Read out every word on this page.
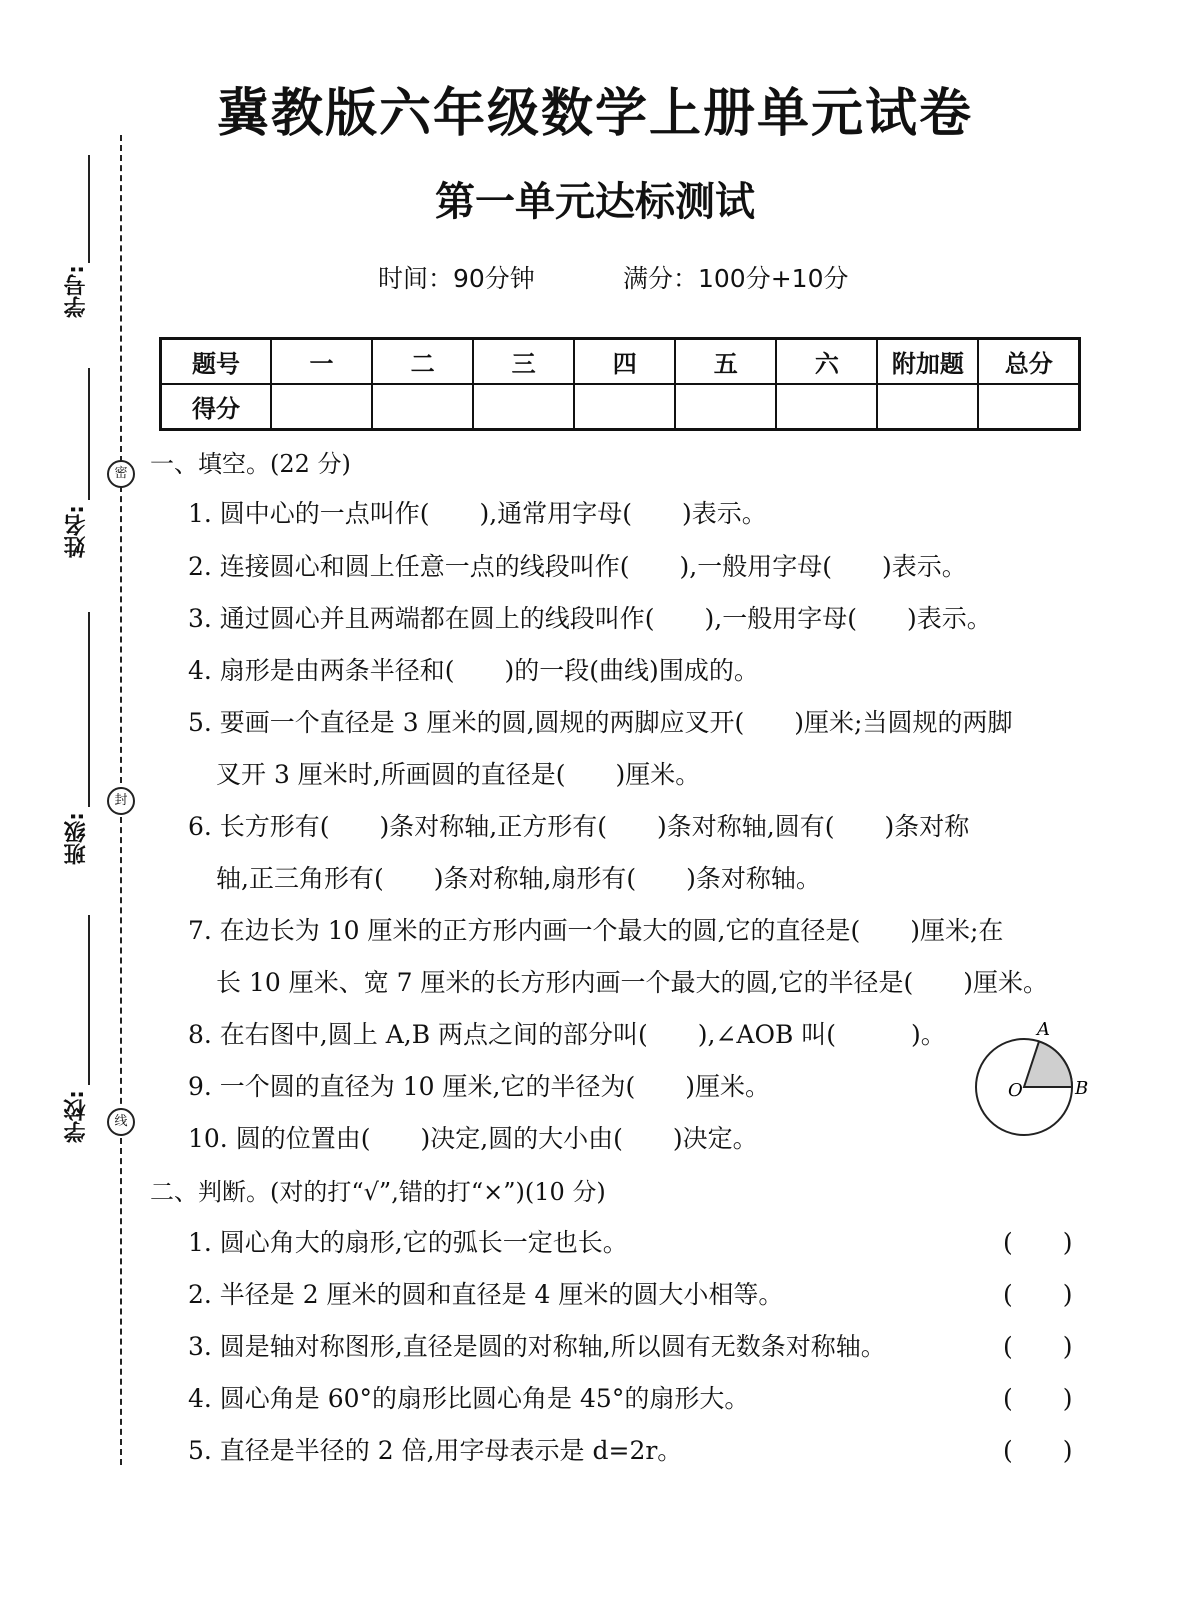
学号:
姓名:
班级:
学校:
密
封
线
冀教版六年级数学上册单元试卷
第一单元达标测试
时间：90分钟	满分：100分+10分
题号	一	二	三	四	五	六	附加题	总分
得分								
一、填空。(22 分)
1. 圆中心的一点叫作(　　),通常用字母(　　)表示。
2. 连接圆心和圆上任意一点的线段叫作(　　),一般用字母(　　)表示。
3. 通过圆心并且两端都在圆上的线段叫作(　　),一般用字母(　　)表示。
4. 扇形是由两条半径和(　　)的一段(曲线)围成的。
5. 要画一个直径是 3 厘米的圆,圆规的两脚应叉开(　　)厘米;当圆规的两脚
叉开 3 厘米时,所画圆的直径是(　　)厘米。
6. 长方形有(　　)条对称轴,正方形有(　　)条对称轴,圆有(　　)条对称
轴,正三角形有(　　)条对称轴,扇形有(　　)条对称轴。
7. 在边长为 10 厘米的正方形内画一个最大的圆,它的直径是(　　)厘米;在
长 10 厘米、宽 7 厘米的长方形内画一个最大的圆,它的半径是(　　)厘米。
8. 在右图中,圆上 A,B 两点之间的部分叫(　　),∠AOB 叫(　　　)。
9. 一个圆的直径为 10 厘米,它的半径为(　　)厘米。
10. 圆的位置由(　　)决定,圆的大小由(　　)决定。
A
O	B
二、判断。(对的打“√”,错的打“×”)(10 分)
1. 圆心角大的扇形,它的弧长一定也长。	(　　)
2. 半径是 2 厘米的圆和直径是 4 厘米的圆大小相等。	(　　)
3. 圆是轴对称图形,直径是圆的对称轴,所以圆有无数条对称轴。	(　　)
4. 圆心角是 60°的扇形比圆心角是 45°的扇形大。	(　　)
5. 直径是半径的 2 倍,用字母表示是 d=2r。	(　　)
